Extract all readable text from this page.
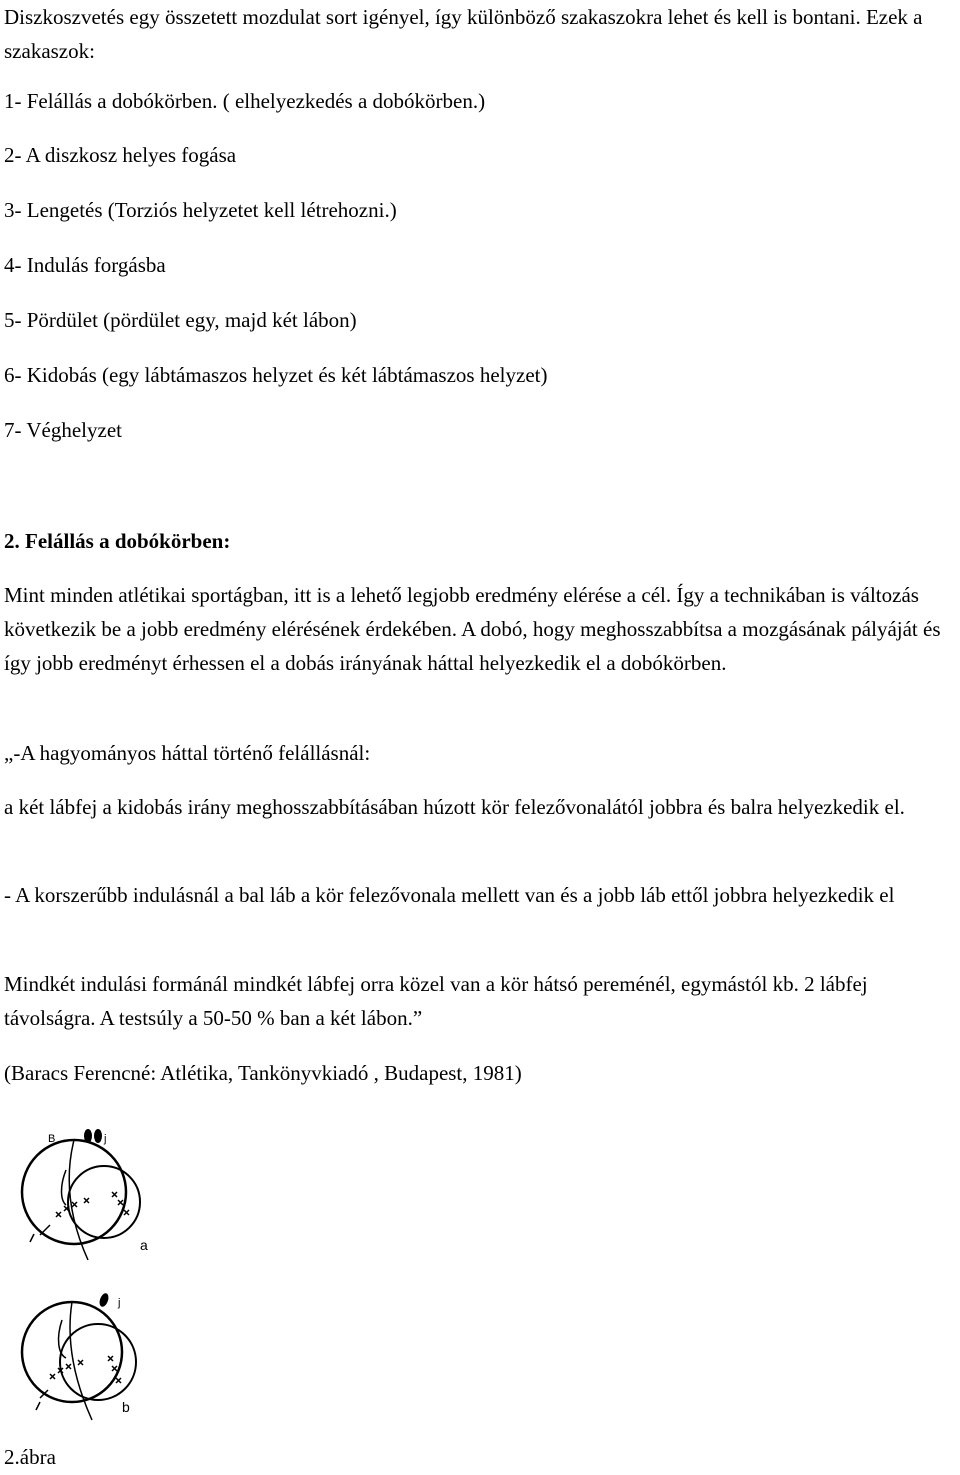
Diszkoszvetés egy összetett mozdulat sort igényel, így különböző szakaszokra lehet és kell is bontani. Ezek a szakaszok:

1- Felállás a dobókörben. ( elhelyezkedés a dobókörben.)

2- A diszkosz helyes fogása

3- Lengetés (Torziós helyzetet kell létrehozni.)

4- Indulás forgásba

5- Pördület (pördület egy, majd két lábon)

6- Kidobás (egy lábtámaszos helyzet és két lábtámaszos helyzet)

7- Véghelyzet

2. Felállás a dobókörben:

Mint minden atlétikai sportágban, itt is a lehető legjobb eredmény elérése a cél. Így a technikában is változás következik be a jobb eredmény elérésének érdekében. A dobó, hogy meghosszabbítsa a mozgásának pályáját és így jobb eredményt érhessen el a dobás irányának háttal helyezkedik el a dobókörben.

„-A hagyományos háttal történő felállásnál:

a két lábfej a kidobás irány meghosszabbításában húzott kör felezővonalától jobbra és balra helyezkedik el.

- A korszerűbb indulásnál a bal láb a kör felezővonala mellett van és a jobb láb ettől jobbra helyezkedik el

Mindkét indulási formánál mindkét lábfej orra közel van a kör hátsó pereménél, egymástól kb. 2 lábfej távolságra. A testsúly a 50-50 % ban a két lábon.”

(Baracs Ferencné: Atlétika, Tankönyvkiadó , Budapest, 1981)

B	j
a
j
b

2.ábra
